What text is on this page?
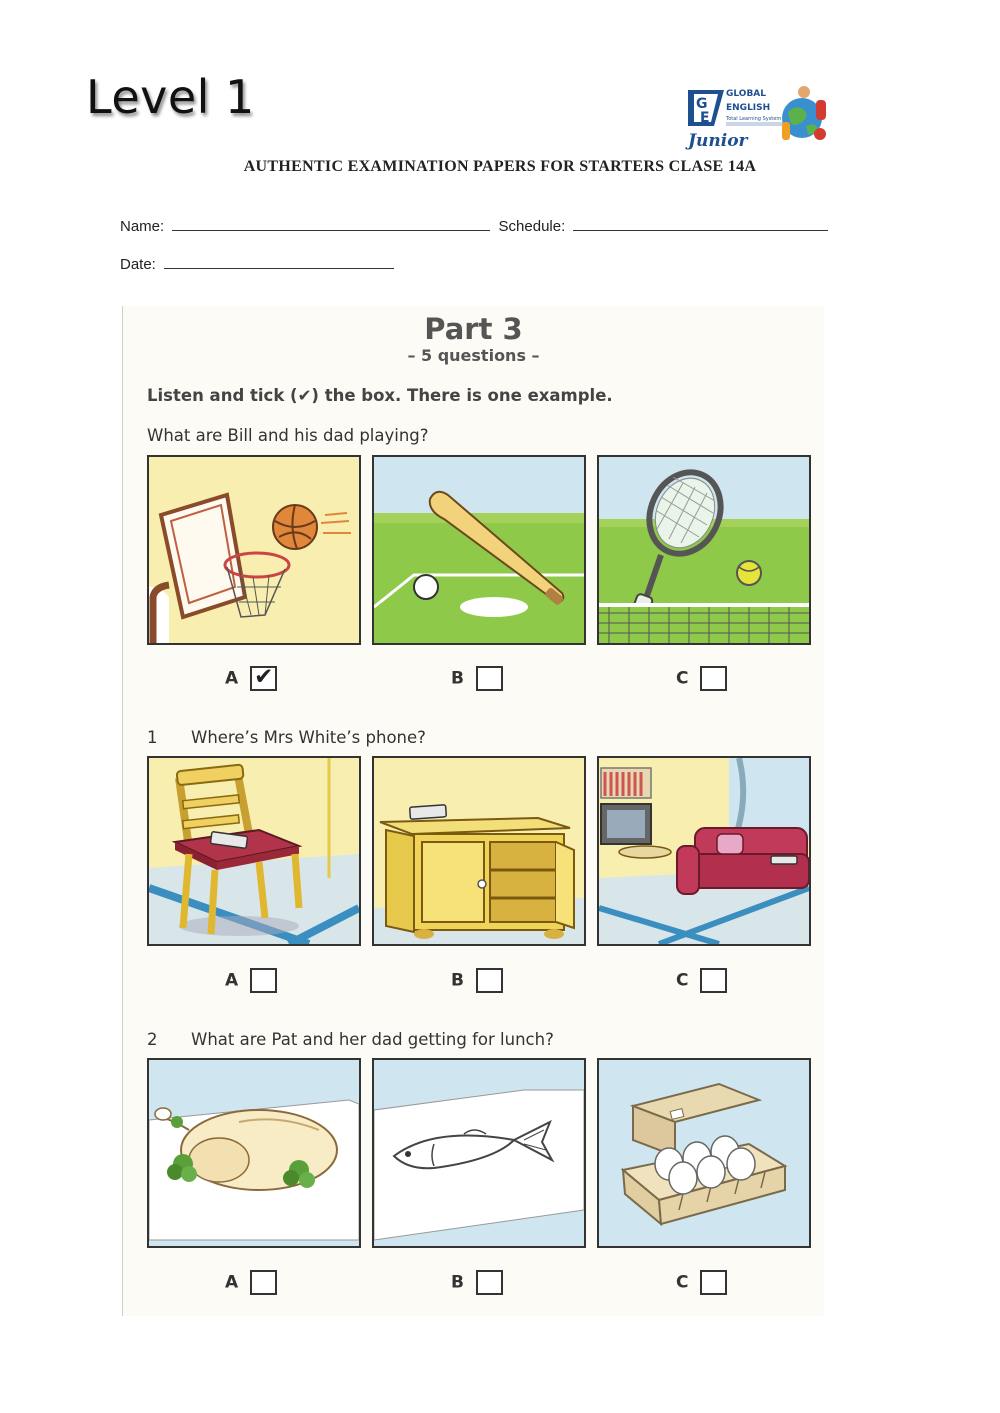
Level 1	G
E
GLOBAL
ENGLISH
Total Learning System
Junior
AUTHENTIC EXAMINATION PAPERS FOR STARTERS CLASE 14A
Name:	Schedule:
Date:
Part 3
– 5 questions –
Listen and tick (✔) the box. There is one example.
What are Bill and his dad playing?
A ✔	B	C
1 Where’s Mrs White’s phone?
A	B	C
2 What are Pat and her dad getting for lunch?
A	B	C
